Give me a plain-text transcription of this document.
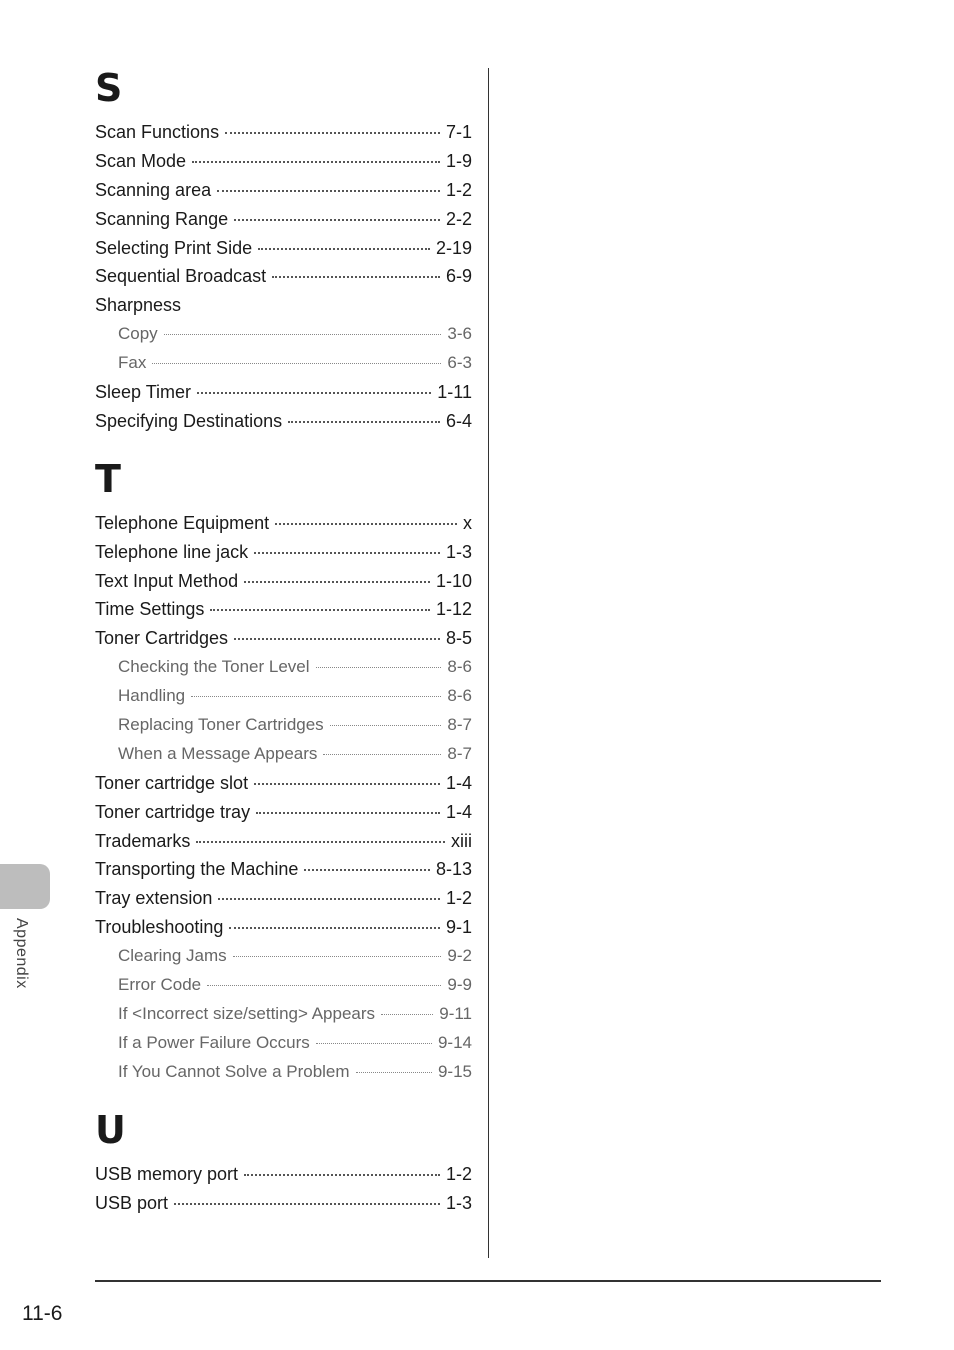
S
Scan Functions	7-1
Scan Mode	1-9
Scanning area	1-2
Scanning Range	2-2
Selecting Print Side	2-19
Sequential Broadcast	6-9
Sharpness
Copy	3-6
Fax	6-3
Sleep Timer	1-11
Specifying Destinations	6-4
T
Telephone Equipment	x
Telephone line jack	1-3
Text Input Method	1-10
Time Settings	1-12
Toner Cartridges	8-5
Checking the Toner Level	8-6
Handling	8-6
Replacing Toner Cartridges	8-7
When a Message Appears	8-7
Toner cartridge slot	1-4
Toner cartridge tray	1-4
Trademarks	xiii
Transporting the Machine	8-13
Tray extension	1-2
Troubleshooting	9-1
Clearing Jams	9-2
Error Code	9-9
If <Incorrect size/setting> Appears	9-11
If a Power Failure Occurs	9-14
If You Cannot Solve a Problem	9-15
U
USB memory port	1-2
USB port	1-3
11-6
Appendix
